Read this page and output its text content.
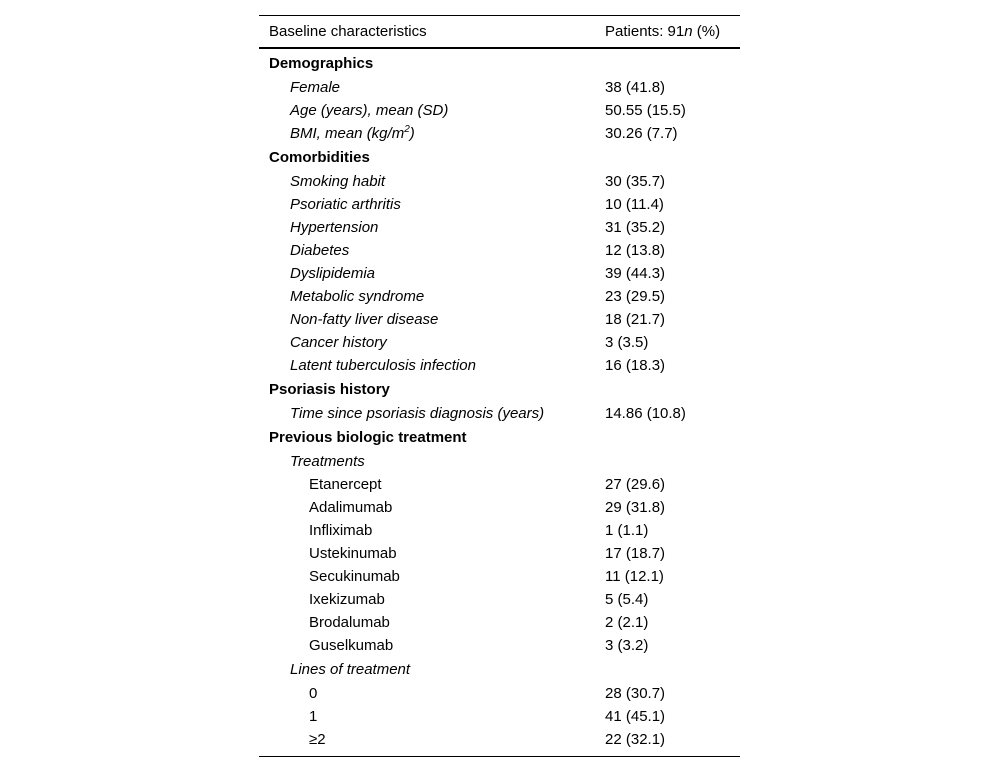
Baseline characteristics	Patients: 91n (%)
Demographics
Female	38 (41.8)
Age (years), mean (SD)	50.55 (15.5)
BMI, mean $(kg/m^2)$	30.26 (7.7)
Comorbidities
Smoking habit	30 (35.7)
Psoriatic arthritis	10 (11.4)
Hypertension	31 (35.2)
Diabetes	12 (13.8)
Dyslipidemia	39 (44.3)
Metabolic syndrome	23 (29.5)
Non-fatty liver disease	18 (21.7)
Cancer history	3 (3.5)
Latent tuberculosis infection	16 (18.3)
Psoriasis history
Time since psoriasis diagnosis (years)	14.86 (10.8)
Previous biologic treatment
Treatments
Etanercept	27 (29.6)
Adalimumab	29 (31.8)
Infliximab	1 (1.1)
Ustekinumab	17 (18.7)
Secukinumab	11 (12.1)
Ixekizumab	5 (5.4)
Brodalumab	2 (2.1)
Guselkumab	3 (3.2)
Lines of treatment
0	28 (30.7)
1	41 (45.1)
≥2	22 (32.1)
